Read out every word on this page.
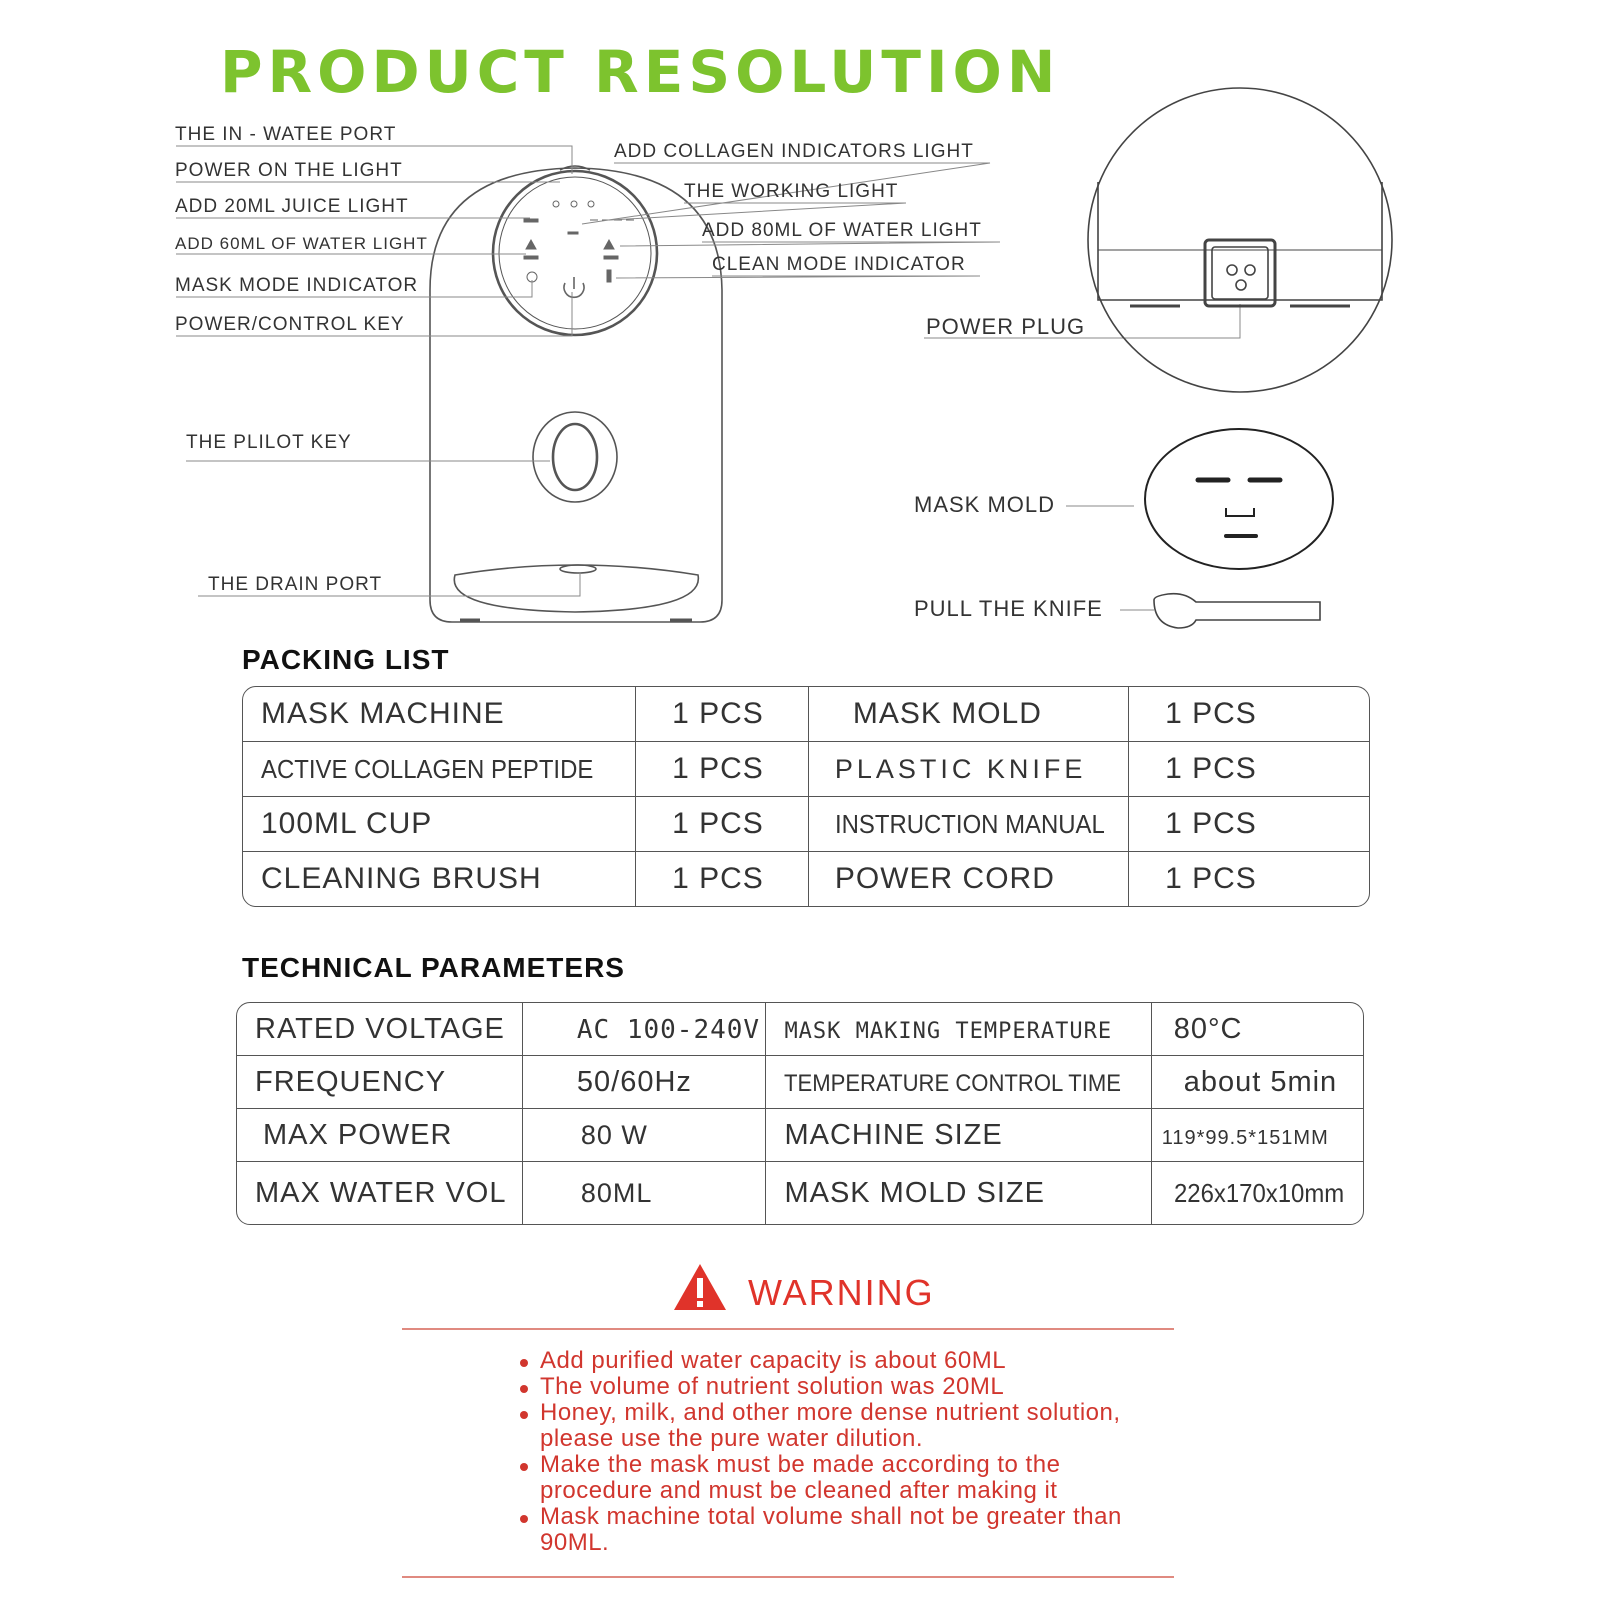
PRODUCT RESOLUTION
THE IN - WATEE PORT
POWER ON THE LIGHT
ADD 20ML JUICE LIGHT
ADD 60ML OF WATER LIGHT
MASK MODE INDICATOR
POWER/CONTROL KEY
THE PLILOT KEY
THE DRAIN PORT
ADD COLLAGEN INDICATORS LIGHT
THE WORKING LIGHT
ADD 80ML OF WATER LIGHT
CLEAN MODE INDICATOR
POWER PLUG
MASK MOLD
PULL THE KNIFE
PACKING LIST
MASK MACHINE	1 PCS	MASK MOLD	1 PCS
ACTIVE COLLAGEN PEPTIDE	1 PCS	PLASTIC KNIFE	1 PCS
100ML CUP	1 PCS	INSTRUCTION MANUAL	1 PCS
CLEANING BRUSH	1 PCS	POWER CORD	1 PCS
TECHNICAL PARAMETERS
RATED VOLTAGE	AC 100-240V	MASK MAKING TEMPERATURE	80°C
FREQUENCY	50/60Hz	TEMPERATURE CONTROL TIME	about 5min
MAX POWER	80 W	MACHINE SIZE	119*99.5*151MM
MAX WATER VOL	80ML	MASK MOLD SIZE	226x170x10mm
WARNING
Add purified water capacity is about 60ML
The volume of nutrient solution was 20ML
Honey, milk, and other more dense nutrient solution, please use the pure water dilution.
Make the mask must be made according to the procedure and must be cleaned after making it
Mask machine total volume shall not be greater than 90ML.
